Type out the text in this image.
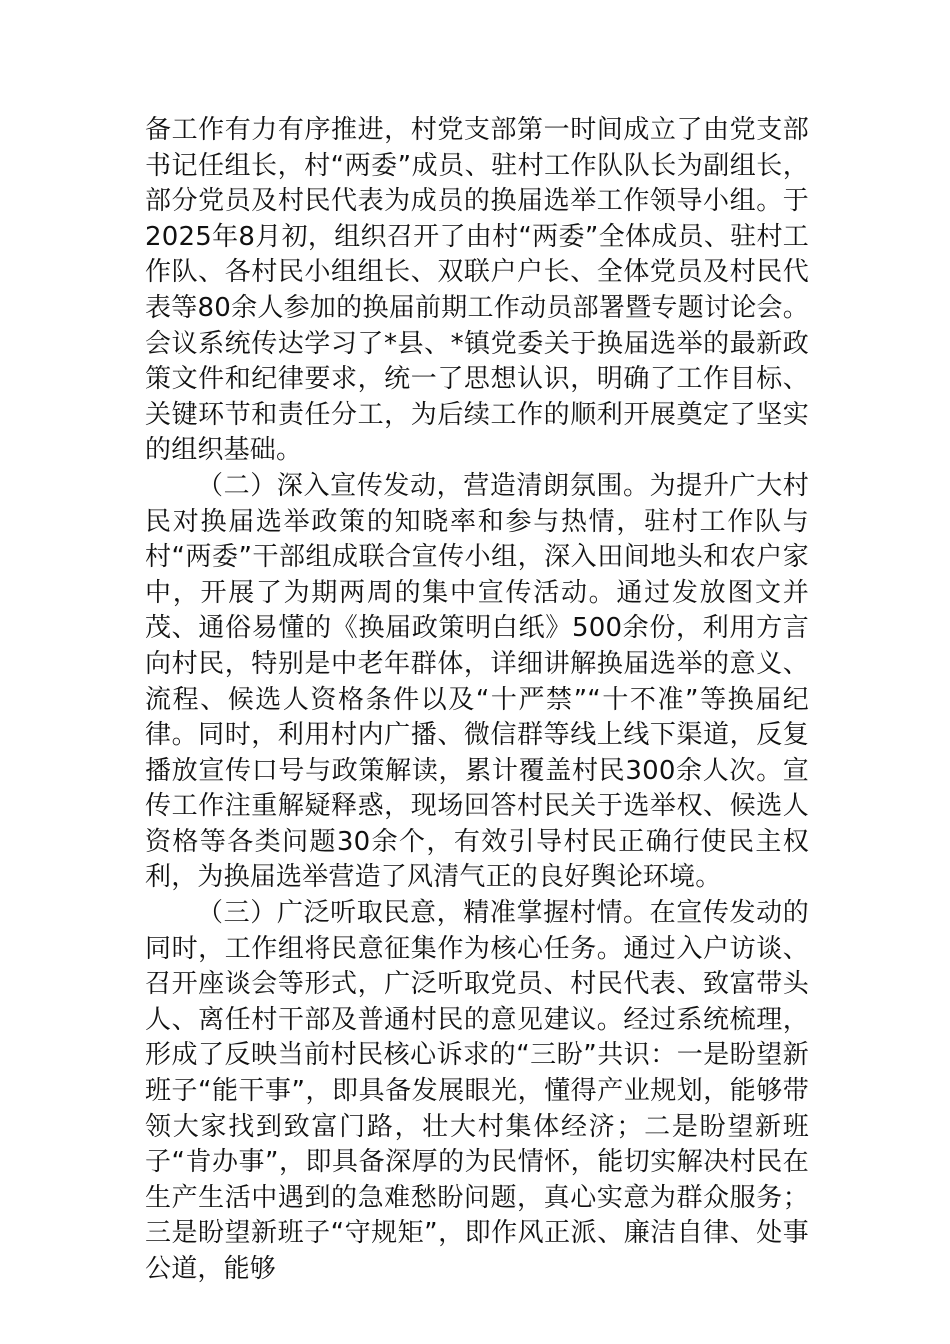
备工作有力有序推进，村党支部第一时间成立了由党支部书记任组长，村“两委”成员、驻村工作队队长为副组长，部分党员及村民代表为成员的换届选举工作领导小组。于2025年8月初，组织召开了由村“两委”全体成员、驻村工作队、各村民小组组长、双联户户长、全体党员及村民代表等80余人参加的换届前期工作动员部署暨专题讨论会。会议系统传达学习了*县、*镇党委关于换届选举的最新政策文件和纪律要求，统一了思想认识，明确了工作目标、关键环节和责任分工，为后续工作的顺利开展奠定了坚实的组织基础。

（二）深入宣传发动，营造清朗氛围。为提升广大村民对换届选举政策的知晓率和参与热情，驻村工作队与村“两委”干部组成联合宣传小组，深入田间地头和农户家中，开展了为期两周的集中宣传活动。通过发放图文并茂、通俗易懂的《换届政策明白纸》500余份，利用方言向村民，特别是中老年群体，详细讲解换届选举的意义、流程、候选人资格条件以及“十严禁”“十不准”等换届纪律。同时，利用村内广播、微信群等线上线下渠道，反复播放宣传口号与政策解读，累计覆盖村民300余人次。宣传工作注重解疑释惑，现场回答村民关于选举权、候选人资格等各类问题30余个，有效引导村民正确行使民主权利，为换届选举营造了风清气正的良好舆论环境。

（三）广泛听取民意，精准掌握村情。在宣传发动的同时，工作组将民意征集作为核心任务。通过入户访谈、召开座谈会等形式，广泛听取党员、村民代表、致富带头人、离任村干部及普通村民的意见建议。经过系统梳理，形成了反映当前村民核心诉求的“三盼”共识：一是盼望新班子“能干事”，即具备发展眼光，懂得产业规划，能够带领大家找到致富门路，壮大村集体经济；二是盼望新班子“肯办事”，即具备深厚的为民情怀，能切实解决村民在生产生活中遇到的急难愁盼问题，真心实意为群众服务；三是盼望新班子“守规矩”，即作风正派、廉洁自律、处事公道，能够
